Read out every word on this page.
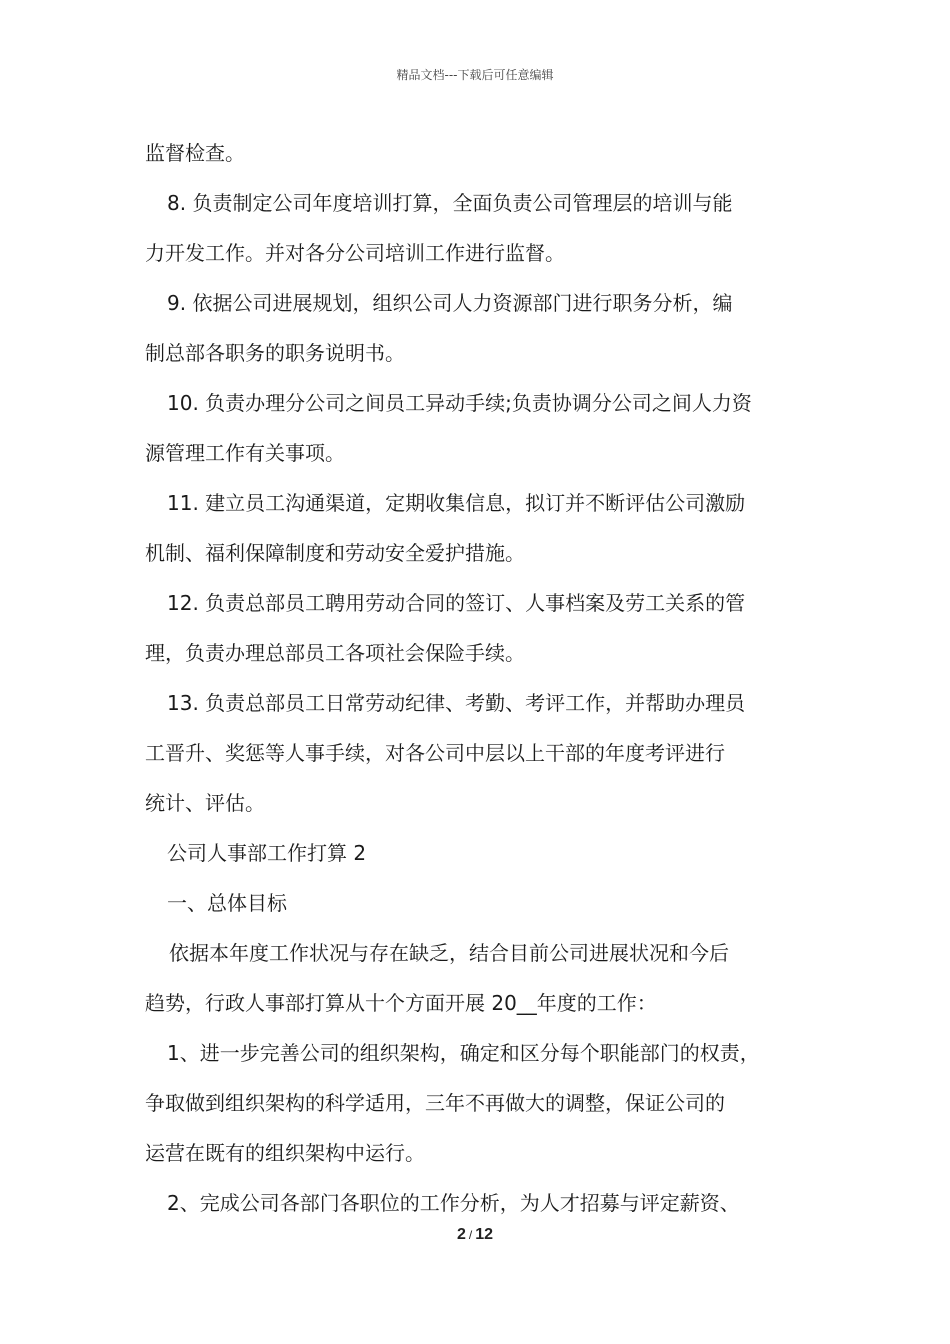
精品文档---下载后可任意编辑

监督检查。

8. 负责制定公司年度培训打算，全面负责公司管理层的培训与能

力开发工作。并对各分公司培训工作进行监督。

9. 依据公司进展规划，组织公司人力资源部门进行职务分析，编

制总部各职务的职务说明书。

10. 负责办理分公司之间员工异动手续;负责协调分公司之间人力资

源管理工作有关事项。

11. 建立员工沟通渠道，定期收集信息，拟订并不断评估公司激励

机制、福利保障制度和劳动安全爱护措施。

12. 负责总部员工聘用劳动合同的签订、人事档案及劳工关系的管

理，负责办理总部员工各项社会保险手续。

13. 负责总部员工日常劳动纪律、考勤、考评工作，并帮助办理员

工晋升、奖惩等人事手续，对各公司中层以上干部的年度考评进行

统计、评估。

公司人事部工作打算 2

一、总体目标

依据本年度工作状况与存在缺乏，结合目前公司进展状况和今后

趋势，行政人事部打算从十个方面开展 20__年度的工作：

1、进一步完善公司的组织架构，确定和区分每个职能部门的权责，

争取做到组织架构的科学适用，三年不再做大的调整，保证公司的

运营在既有的组织架构中运行。

2、完成公司各部门各职位的工作分析，为人才招募与评定薪资、

2 / 12
